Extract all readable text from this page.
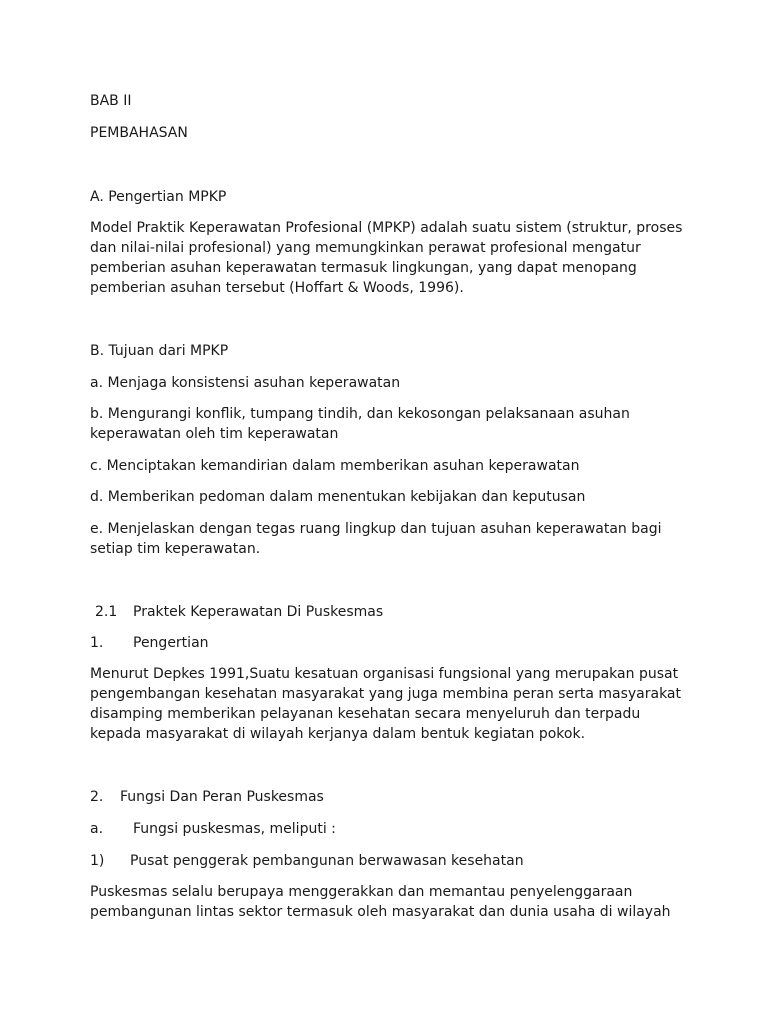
BAB II
PEMBAHASAN
A. Pengertian MPKP
Model Praktik Keperawatan Profesional (MPKP) adalah suatu sistem (struktur, proses
dan nilai-nilai profesional) yang memungkinkan perawat profesional mengatur
pemberian asuhan keperawatan termasuk lingkungan, yang dapat menopang
pemberian asuhan tersebut (Hoffart & Woods, 1996).
B. Tujuan dari MPKP
a. Menjaga konsistensi asuhan keperawatan
b. Mengurangi konflik, tumpang tindih, dan kekosongan pelaksanaan asuhan
keperawatan oleh tim keperawatan
c. Menciptakan kemandirian dalam memberikan asuhan keperawatan
d. Memberikan pedoman dalam menentukan kebijakan dan keputusan
e. Menjelaskan dengan tegas ruang lingkup dan tujuan asuhan keperawatan bagi
setiap tim keperawatan.
2.1 Praktek Keperawatan Di Puskesmas
1. Pengertian
Menurut Depkes 1991,Suatu kesatuan organisasi fungsional yang merupakan pusat
pengembangan kesehatan masyarakat yang juga membina peran serta masyarakat
disamping memberikan pelayanan kesehatan secara menyeluruh dan terpadu
kepada masyarakat di wilayah kerjanya dalam bentuk kegiatan pokok.
2. Fungsi Dan Peran Puskesmas
a. Fungsi puskesmas, meliputi :
1) Pusat penggerak pembangunan berwawasan kesehatan
Puskesmas selalu berupaya menggerakkan dan memantau penyelenggaraan
pembangunan lintas sektor termasuk oleh masyarakat dan dunia usaha di wilayah
